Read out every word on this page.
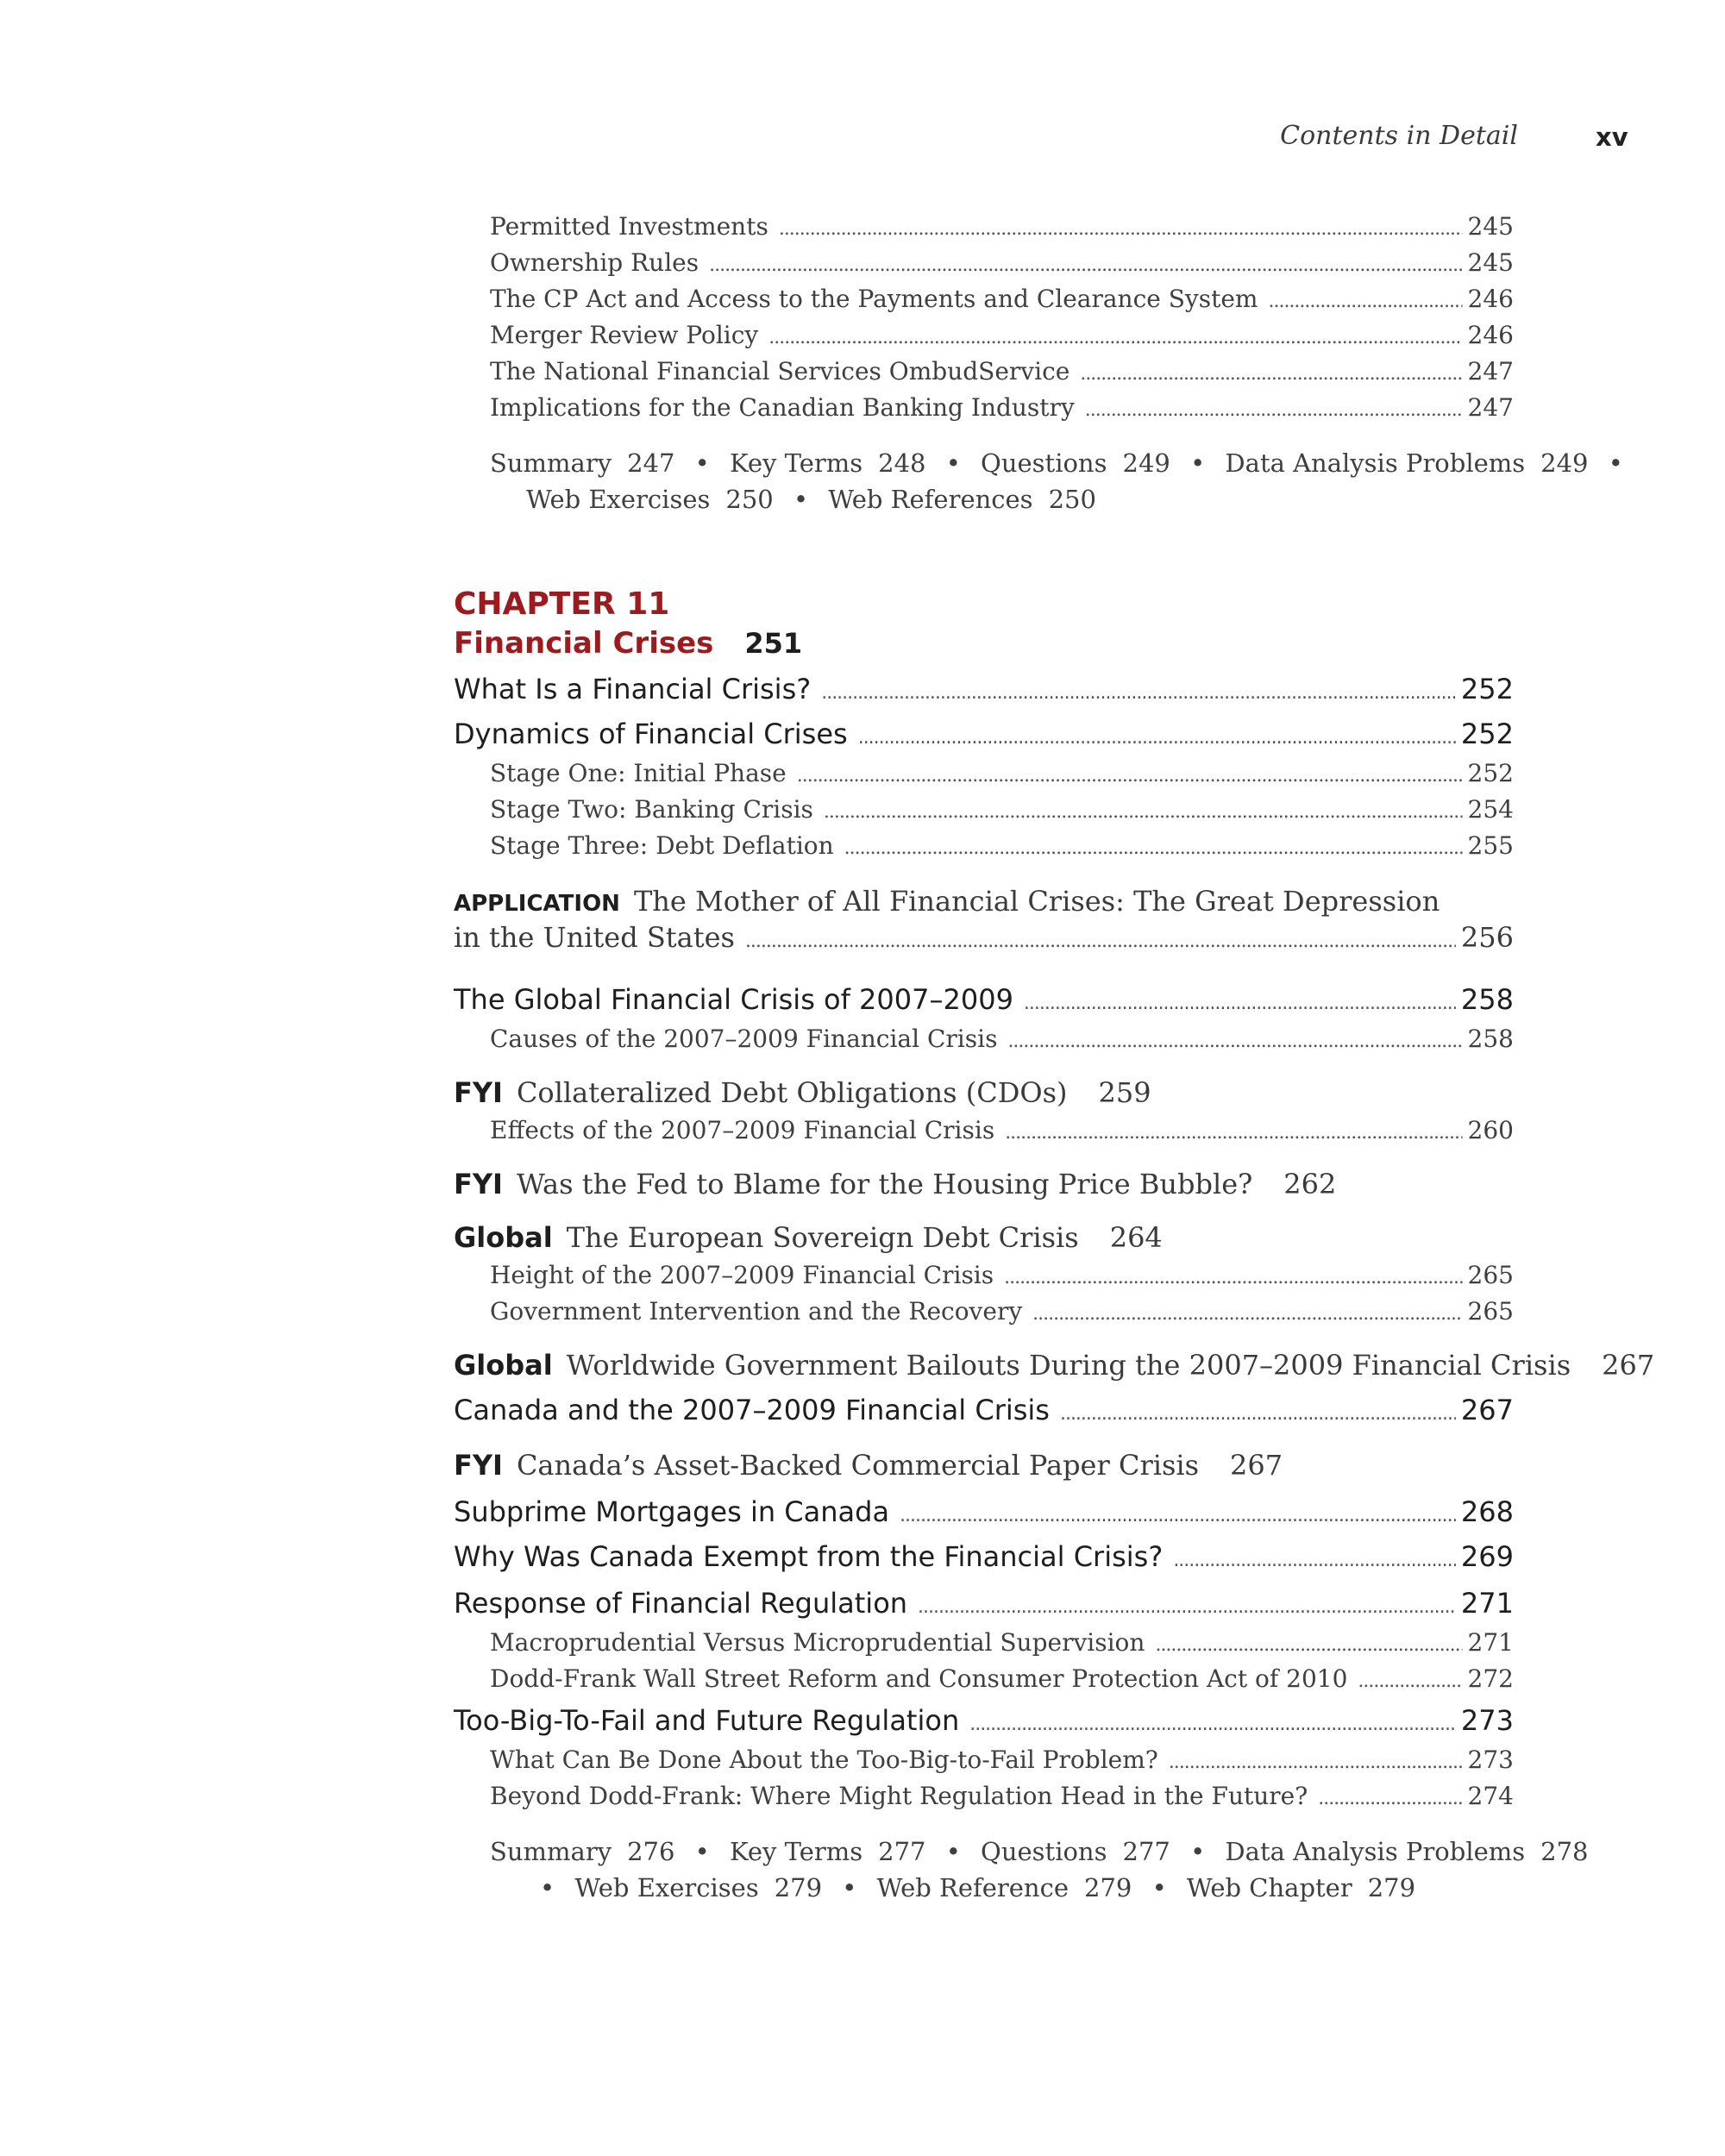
Contents in Detail	xv
Permitted Investments . . .	245
Ownership Rules . . .	245
The CP Act and Access to the Payments and Clearance System . . .	246
Merger Review Policy . . .	246
The National Financial Services OmbudService . . .	247
Implications for the Canadian Banking Industry . . .	247
Summary 247 • Key Terms 248 • Questions 249 • Data Analysis Problems 249 •
Web Exercises 250 • Web References 250
CHAPTER 11
Financial Crises 251
What Is a Financial Crisis? . . .	252
Dynamics of Financial Crises . . .	252
Stage One: Initial Phase . . .	252
Stage Two: Banking Crisis . . .	254
Stage Three: Debt Deflation . . .	255
APPLICATION The Mother of All Financial Crises: The Great Depression
in the United States . . .	256
The Global Financial Crisis of 2007–2009 . . .	258
Causes of the 2007–2009 Financial Crisis . . .	258
FYI Collateralized Debt Obligations (CDOs) 259
Effects of the 2007–2009 Financial Crisis . . .	260
FYI Was the Fed to Blame for the Housing Price Bubble? 262
Global The European Sovereign Debt Crisis 264
Height of the 2007–2009 Financial Crisis . . .	265
Government Intervention and the Recovery . . .	265
Global Worldwide Government Bailouts During the 2007–2009 Financial Crisis 267
Canada and the 2007–2009 Financial Crisis . . .	267
FYI Canada’s Asset-Backed Commercial Paper Crisis 267
Subprime Mortgages in Canada . . .	268
Why Was Canada Exempt from the Financial Crisis? . . .	269
Response of Financial Regulation . . .	271
Macroprudential Versus Microprudential Supervision . . .	271
Dodd-Frank Wall Street Reform and Consumer Protection Act of 2010 . . .	272
Too-Big-To-Fail and Future Regulation . . .	273
What Can Be Done About the Too-Big-to-Fail Problem? . . .	273
Beyond Dodd-Frank: Where Might Regulation Head in the Future? . . .	274
Summary 276 • Key Terms 277 • Questions 277 • Data Analysis Problems 278
• Web Exercises 279 • Web Reference 279 • Web Chapter 279
